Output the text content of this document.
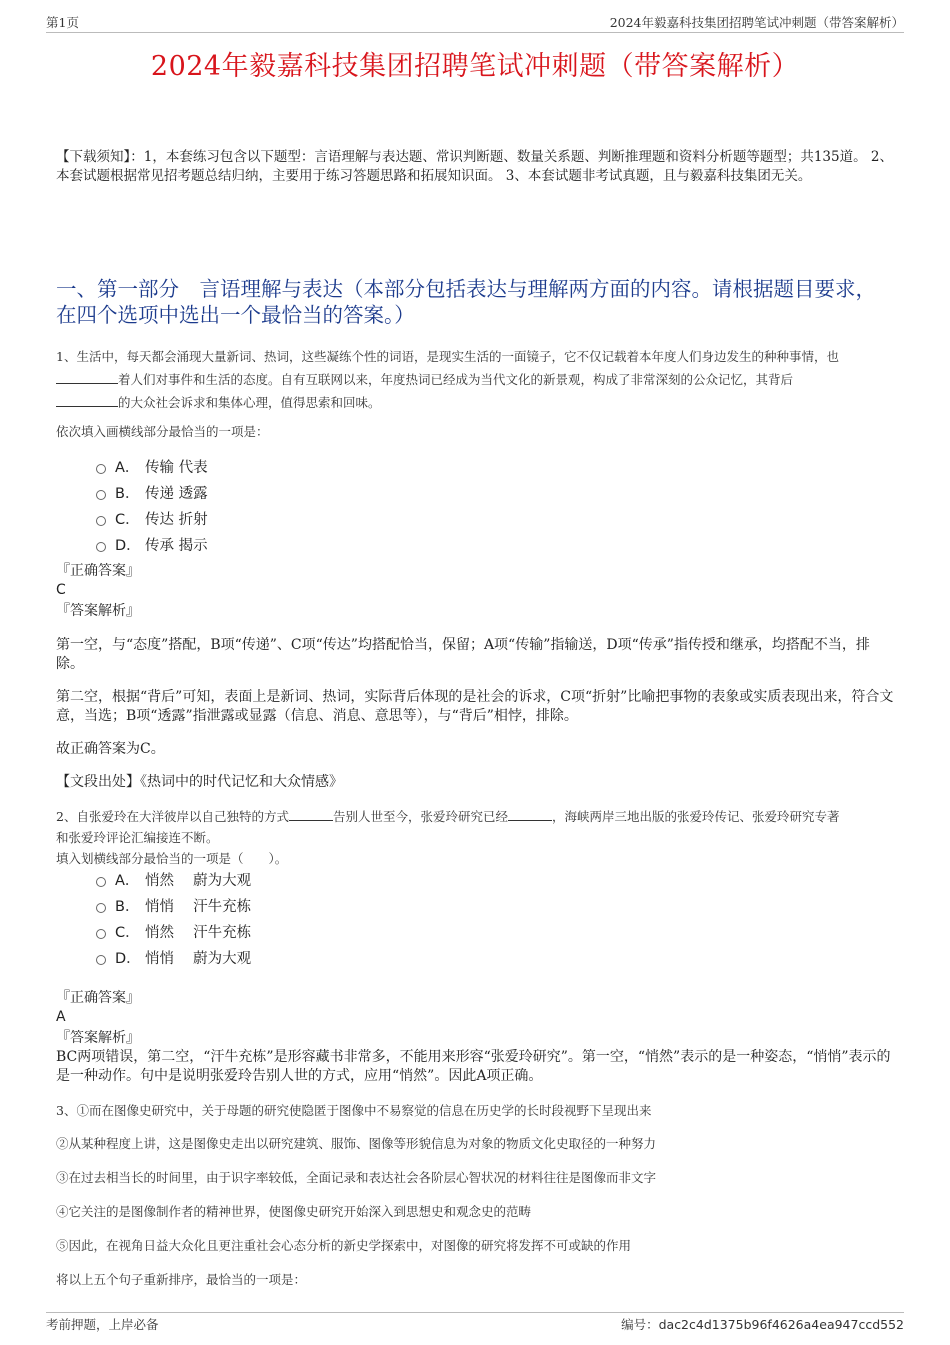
第1页	2024年毅嘉科技集团招聘笔试冲刺题（带答案解析）
2024年毅嘉科技集团招聘笔试冲刺题（带答案解析）
【下载须知】：1，本套练习包含以下题型：言语理解与表达题、常识判断题、数量关系题、判断推理题和资料分析题等题型；共135道。 2、本套试题根据常见招考题总结归纳，主要用于练习答题思路和拓展知识面。 3、本套试题非考试真题，且与毅嘉科技集团无关。
一、第一部分　言语理解与表达（本部分包括表达与理解两方面的内容。请根据题目要求，在四个选项中选出一个最恰当的答案。）
1、生活中，每天都会涌现大量新词、热词，这些凝练个性的词语，是现实生活的一面镜子，它不仅记载着本年度人们身边发生的种种事情，也
着人们对事件和生活的态度。自有互联网以来，年度热词已经成为当代文化的新景观，构成了非常深刻的公众记忆，其背后
的大众社会诉求和集体心理，值得思索和回味。
依次填入画横线部分最恰当的一项是：
A． 传输 代表
B． 传递 透露
C． 传达 折射
D． 传承 揭示
『正确答案』
C
『答案解析』
第一空，与“态度”搭配，B项“传递”、C项“传达”均搭配恰当，保留；A项“传输”指输送，D项“传承”指传授和继承，均搭配不当，排除。
第二空，根据“背后”可知，表面上是新词、热词，实际背后体现的是社会的诉求，C项“折射”比喻把事物的表象或实质表现出来，符合文意，当选；B项“透露”指泄露或显露（信息、消息、意思等），与“背后”相悖，排除。
故正确答案为C。
【文段出处】《热词中的时代记忆和大众情感》
2、自张爱玲在大洋彼岸以自己独特的方式	告别人世至今，张爱玲研究已经	，海峡两岸三地出版的张爱玲传记、张爱玲研究专著
和张爱玲评论汇编接连不断。
填入划横线部分最恰当的一项是（　　）。
A． 悄然　 蔚为大观
B． 悄悄　 汗牛充栋
C． 悄然　 汗牛充栋
D． 悄悄　 蔚为大观
『正确答案』
A
『答案解析』
BC两项错误，第二空，“汗牛充栋”是形容藏书非常多，不能用来形容“张爱玲研究”。第一空，“悄然”表示的是一种姿态，“悄悄”表示的是一种动作。句中是说明张爱玲告别人世的方式，应用“悄然”。因此A项正确。
3、①而在图像史研究中，关于母题的研究使隐匿于图像中不易察觉的信息在历史学的长时段视野下呈现出来
②从某种程度上讲，这是图像史走出以研究建筑、服饰、图像等形貌信息为对象的物质文化史取径的一种努力
③在过去相当长的时间里，由于识字率较低，全面记录和表达社会各阶层心智状况的材料往往是图像而非文字
④它关注的是图像制作者的精神世界，使图像史研究开始深入到思想史和观念史的范畴
⑤因此，在视角日益大众化且更注重社会心态分析的新史学探索中，对图像的研究将发挥不可或缺的作用
将以上五个句子重新排序，最恰当的一项是：
考前押题，上岸必备	编号：dac2c4d1375b96f4626a4ea947ccd552
